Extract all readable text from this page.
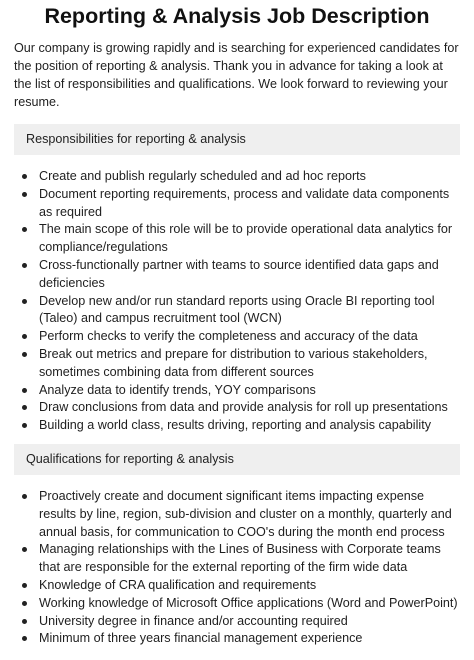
Reporting & Analysis Job Description

Our company is growing rapidly and is searching for experienced candidates for the position of reporting & analysis. Thank you in advance for taking a look at the list of responsibilities and qualifications. We look forward to reviewing your resume.

Responsibilities for reporting & analysis
Create and publish regularly scheduled and ad hoc reports
Document reporting requirements, process and validate data components as required
The main scope of this role will be to provide operational data analytics for compliance/regulations
Cross-functionally partner with teams to source identified data gaps and deficiencies
Develop new and/or run standard reports using Oracle BI reporting tool (Taleo) and campus recruitment tool (WCN)
Perform checks to verify the completeness and accuracy of the data
Break out metrics and prepare for distribution to various stakeholders, sometimes combining data from different sources
Analyze data to identify trends, YOY comparisons
Draw conclusions from data and provide analysis for roll up presentations
Building a world class, results driving, reporting and analysis capability
Qualifications for reporting & analysis
Proactively create and document significant items impacting expense results by line, region, sub-division and cluster on a monthly, quarterly and annual basis, for communication to COO's during the month end process
Managing relationships with the Lines of Business with Corporate teams that are responsible for the external reporting of the firm wide data
Knowledge of CRA qualification and requirements
Working knowledge of Microsoft Office applications (Word and PowerPoint)
University degree in finance and/or accounting required
Minimum of three years financial management experience
